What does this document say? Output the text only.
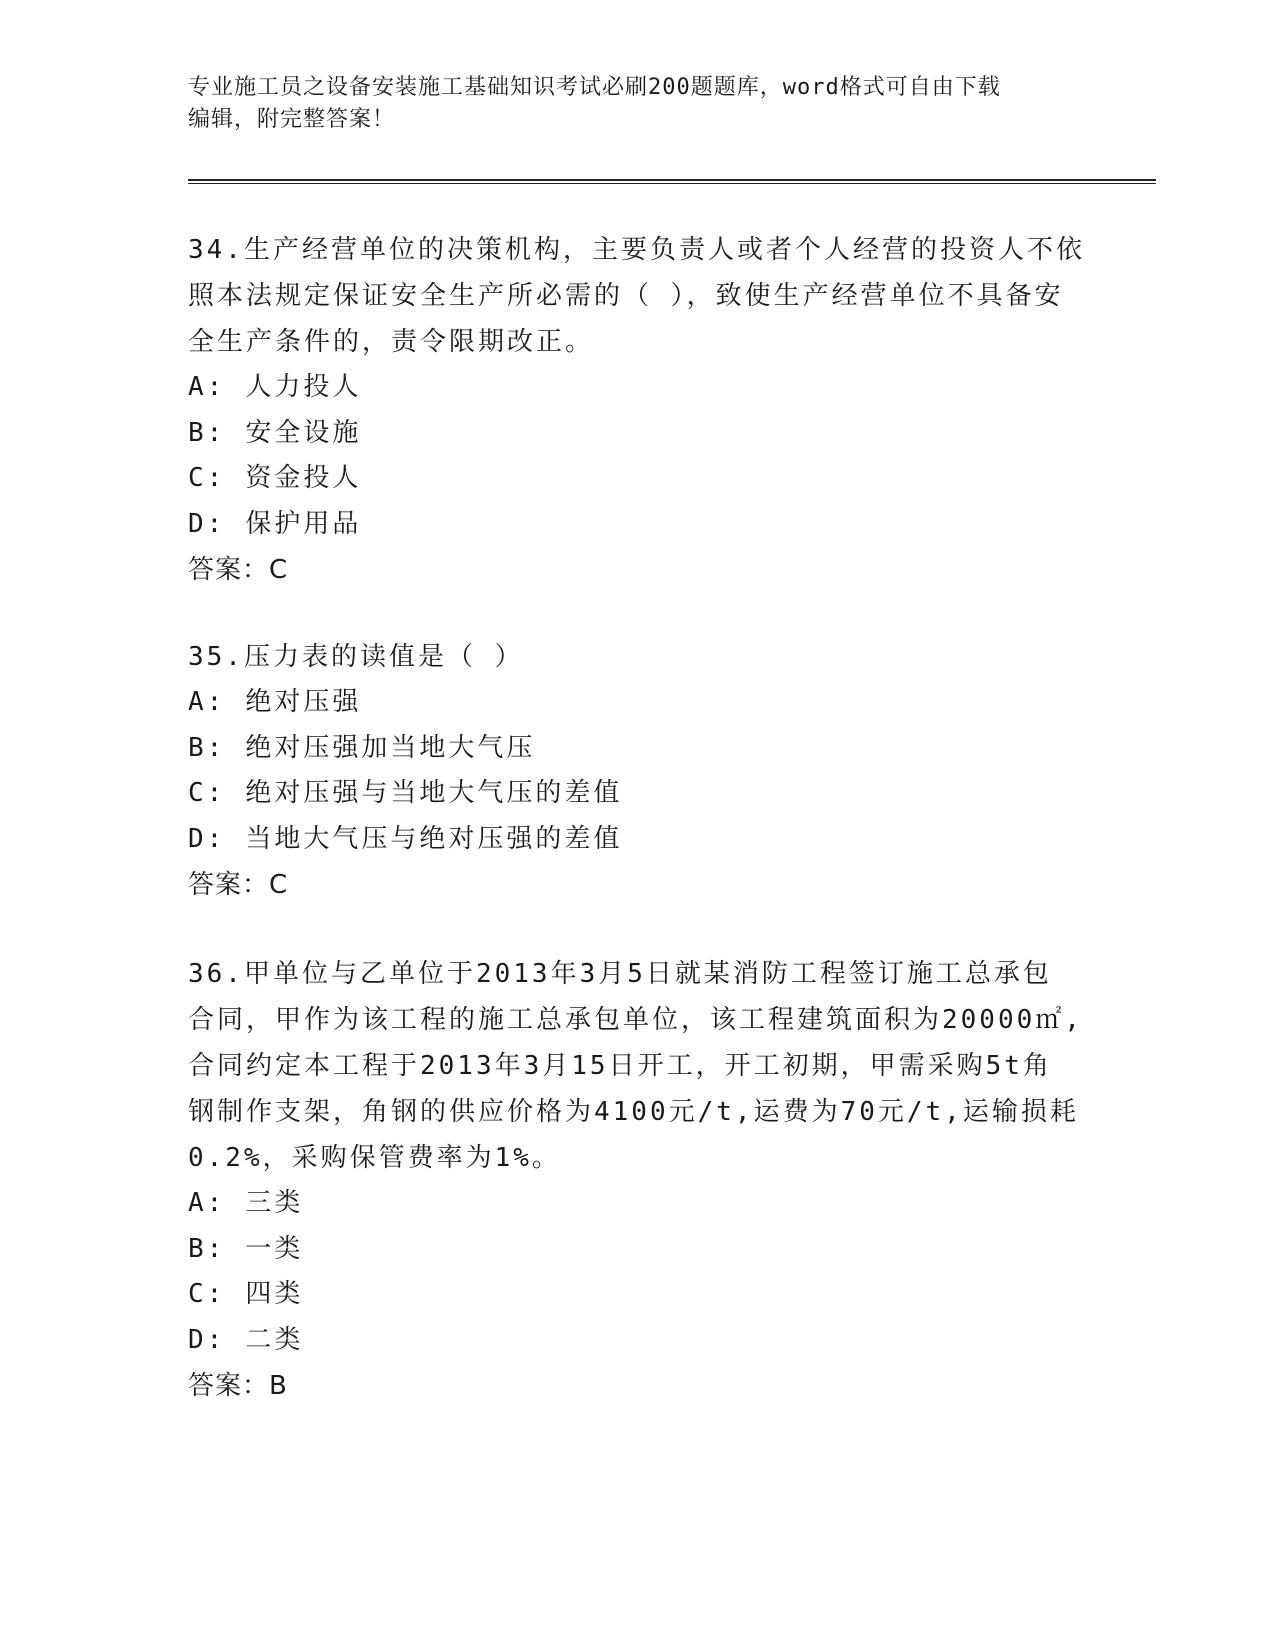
专业施工员之设备安装施工基础知识考试必刷200题题库，word格式可自由下载
编辑，附完整答案！

34.生产经营单位的决策机构，主要负责人或者个人经营的投资人不依

照本法规定保证安全生产所必需的（ ），致使生产经营单位不具备安

全生产条件的，责令限期改正。

A: 人力投人

B: 安全设施

C: 资金投人

D: 保护用品

答案：C

35.压力表的读值是（ ）

A: 绝对压强

B: 绝对压强加当地大气压

C: 绝对压强与当地大气压的差值

D: 当地大气压与绝对压强的差值

答案：C

36.甲单位与乙单位于2013年3月5日就某消防工程签订施工总承包

合同，甲作为该工程的施工总承包单位，该工程建筑面积为20000㎡,

合同约定本工程于2013年3月15日开工，开工初期，甲需采购5t角

钢制作支架，角钢的供应价格为4100元/t,运费为70元/t,运输损耗

0.2%，采购保管费率为1%。

A: 三类

B: 一类

C: 四类

D: 二类

答案：B
